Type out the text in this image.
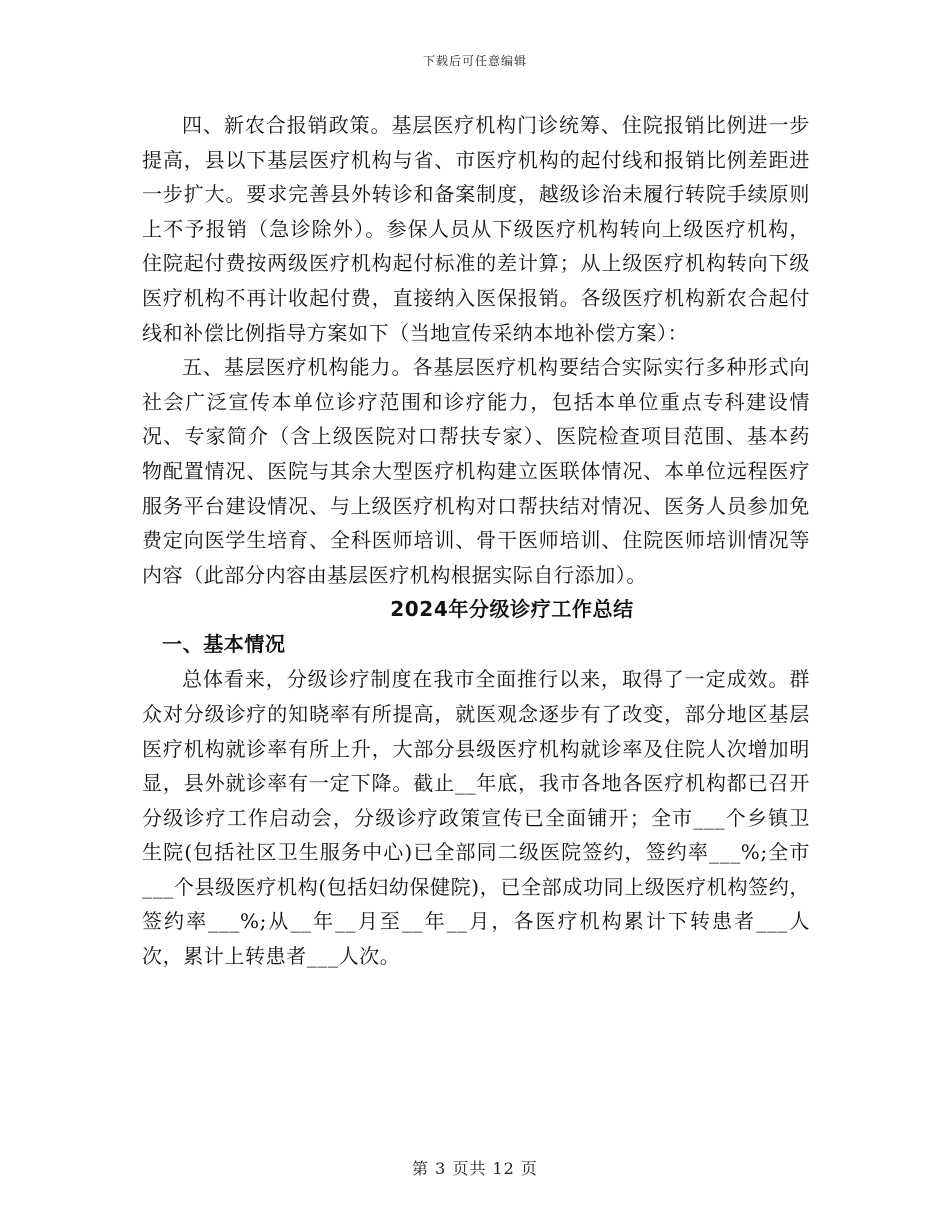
下载后可任意编辑

四、新农合报销政策。基层医疗机构门诊统筹、住院报销比例进一步提高，县以下基层医疗机构与省、市医疗机构的起付线和报销比例差距进一步扩大。要求完善县外转诊和备案制度，越级诊治未履行转院手续原则上不予报销（急诊除外）。参保人员从下级医疗机构转向上级医疗机构，住院起付费按两级医疗机构起付标准的差计算；从上级医疗机构转向下级医疗机构不再计收起付费，直接纳入医保报销。各级医疗机构新农合起付线和补偿比例指导方案如下（当地宣传采纳本地补偿方案）：

五、基层医疗机构能力。各基层医疗机构要结合实际实行多种形式向社会广泛宣传本单位诊疗范围和诊疗能力，包括本单位重点专科建设情况、专家简介（含上级医院对口帮扶专家）、医院检查项目范围、基本药物配置情况、医院与其余大型医疗机构建立医联体情况、本单位远程医疗服务平台建设情况、与上级医疗机构对口帮扶结对情况、医务人员参加免费定向医学生培育、全科医师培训、骨干医师培训、住院医师培训情况等内容（此部分内容由基层医疗机构根据实际自行添加）。

2024年分级诊疗工作总结
一、基本情况

总体看来，分级诊疗制度在我市全面推行以来，取得了一定成效。群众对分级诊疗的知晓率有所提高，就医观念逐步有了改变，部分地区基层医疗机构就诊率有所上升，大部分县级医疗机构就诊率及住院人次增加明显，县外就诊率有一定下降。截止__年底，我市各地各医疗机构都已召开分级诊疗工作启动会，分级诊疗政策宣传已全面铺开；全市___个乡镇卫生院(包括社区卫生服务中心)已全部同二级医院签约，签约率___%;全市___个县级医疗机构(包括妇幼保健院)，已全部成功同上级医疗机构签约，签约率___%;从__年__月至__年__月，各医疗机构累计下转患者___人次，累计上转患者___人次。

第 3 页共 12 页
